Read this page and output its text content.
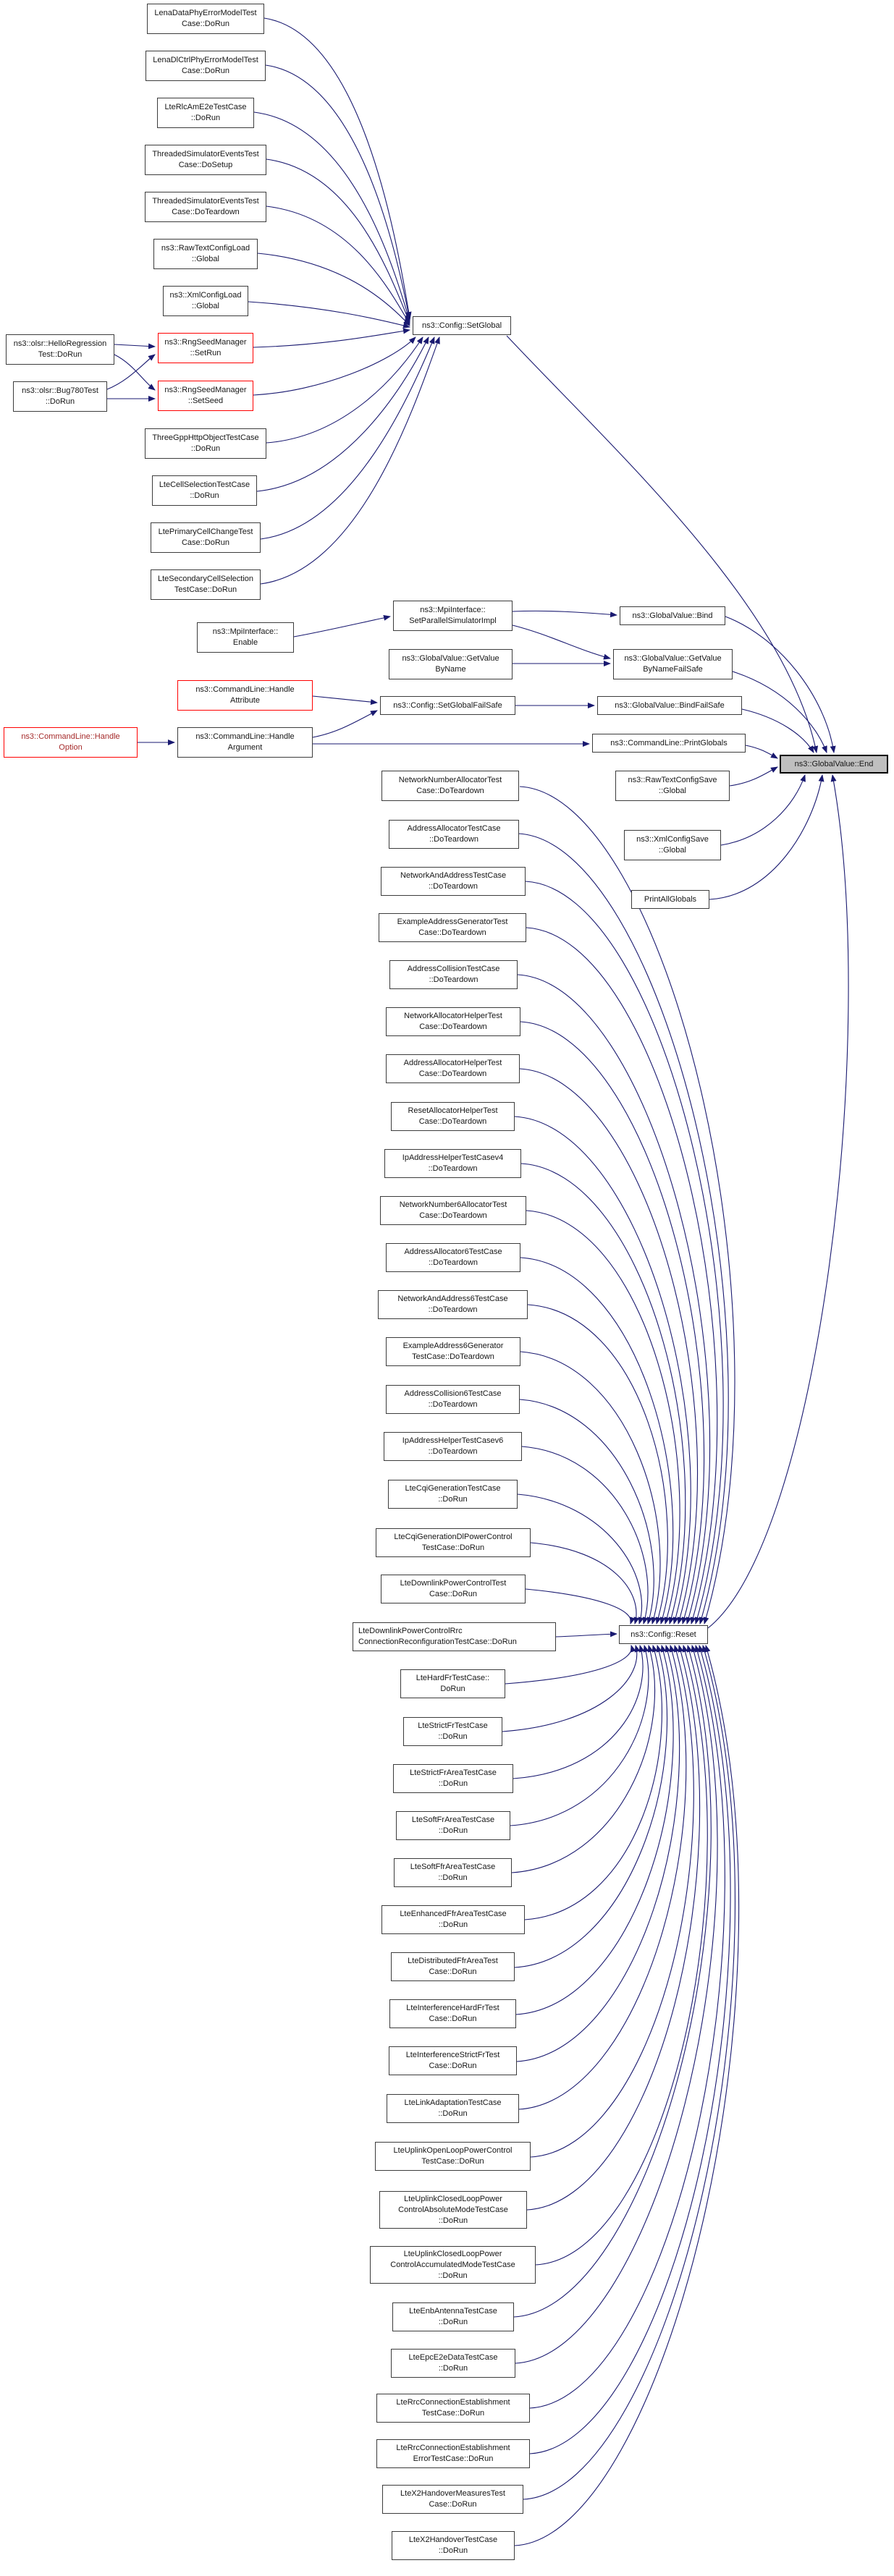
LenaDataPhyErrorModelTest
Case::DoRun
LenaDlCtrlPhyErrorModelTest
Case::DoRun
LteRlcAmE2eTestCase
::DoRun
ThreadedSimulatorEventsTest
Case::DoSetup
ThreadedSimulatorEventsTest
Case::DoTeardown
ns3::RawTextConfigLoad
::Global
ns3::XmlConfigLoad
::Global
ns3::RngSeedManager
::SetRun
ns3::RngSeedManager
::SetSeed
ThreeGppHttpObjectTestCase
::DoRun
LteCellSelectionTestCase
::DoRun
LtePrimaryCellChangeTest
Case::DoRun
LteSecondaryCellSelection
TestCase::DoRun
ns3::MpiInterface::
Enable
ns3::CommandLine::Handle
Attribute
ns3::CommandLine::Handle
Argument
ns3::olsr::HelloRegression
Test::DoRun
ns3::olsr::Bug780Test
::DoRun
ns3::CommandLine::Handle
Option
ns3::Config::SetGlobal
ns3::MpiInterface::
SetParallelSimulatorImpl
ns3::GlobalValue::GetValue
ByName
ns3::Config::SetGlobalFailSafe
ns3::GlobalValue::Bind
ns3::GlobalValue::GetValue
ByNameFailSafe
ns3::GlobalValue::BindFailSafe
ns3::CommandLine::PrintGlobals
ns3::RawTextConfigSave
::Global
ns3::XmlConfigSave
::Global
PrintAllGlobals
ns3::GlobalValue::End
ns3::Config::Reset
NetworkNumberAllocatorTest
Case::DoTeardown
AddressAllocatorTestCase
::DoTeardown
NetworkAndAddressTestCase
::DoTeardown
ExampleAddressGeneratorTest
Case::DoTeardown
AddressCollisionTestCase
::DoTeardown
NetworkAllocatorHelperTest
Case::DoTeardown
AddressAllocatorHelperTest
Case::DoTeardown
ResetAllocatorHelperTest
Case::DoTeardown
IpAddressHelperTestCasev4
::DoTeardown
NetworkNumber6AllocatorTest
Case::DoTeardown
AddressAllocator6TestCase
::DoTeardown
NetworkAndAddress6TestCase
::DoTeardown
ExampleAddress6Generator
TestCase::DoTeardown
AddressCollision6TestCase
::DoTeardown
IpAddressHelperTestCasev6
::DoTeardown
LteCqiGenerationTestCase
::DoRun
LteCqiGenerationDlPowerControl
TestCase::DoRun
LteDownlinkPowerControlTest
Case::DoRun
LteDownlinkPowerControlRrc
ConnectionReconfigurationTestCase::DoRun
LteHardFrTestCase::
DoRun
LteStrictFrTestCase
::DoRun
LteStrictFrAreaTestCase
::DoRun
LteSoftFrAreaTestCase
::DoRun
LteSoftFfrAreaTestCase
::DoRun
LteEnhancedFfrAreaTestCase
::DoRun
LteDistributedFfrAreaTest
Case::DoRun
LteInterferenceHardFrTest
Case::DoRun
LteInterferenceStrictFrTest
Case::DoRun
LteLinkAdaptationTestCase
::DoRun
LteUplinkOpenLoopPowerControl
TestCase::DoRun
LteUplinkClosedLoopPower
ControlAbsoluteModeTestCase
::DoRun
LteUplinkClosedLoopPower
ControlAccumulatedModeTestCase
::DoRun
LteEnbAntennaTestCase
::DoRun
LteEpcE2eDataTestCase
::DoRun
LteRrcConnectionEstablishment
TestCase::DoRun
LteRrcConnectionEstablishment
ErrorTestCase::DoRun
LteX2HandoverMeasuresTest
Case::DoRun
LteX2HandoverTestCase
::DoRun
